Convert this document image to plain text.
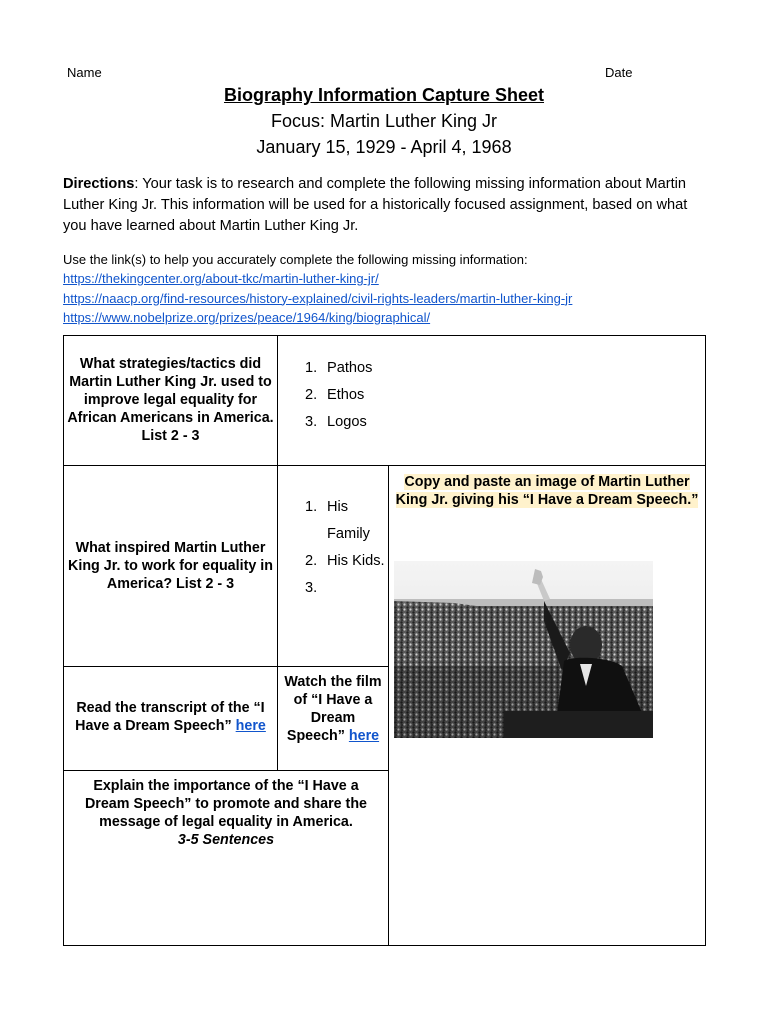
Name	Date
Biography Information Capture Sheet
Focus: Martin Luther King Jr
January 15, 1929 - April 4, 1968
Directions: Your task is to research and complete the following missing information about Martin Luther King Jr. This information will be used for a historically focused assignment, based on what you have learned about Martin Luther King Jr.
Use the link(s) to help you accurately complete the following missing information:
https://thekingcenter.org/about-tkc/martin-luther-king-jr/
https://naacp.org/find-resources/history-explained/civil-rights-leaders/martin-luther-king-jr
https://www.nobelprize.org/prizes/peace/1964/king/biographical/
What strategies/tactics did Martin Luther King Jr. used to improve legal equality for African Americans in America. List 2 - 3
1. Pathos
2. Ethos
3. Logos
What inspired Martin Luther King Jr. to work for equality in America? List 2 - 3
1. His Family
2. His Kids.
3.
Copy and paste an image of Martin Luther King Jr. giving his “I Have a Dream Speech.”
Read the transcript of the “I Have a Dream Speech” here
Watch the film of “I Have a Dream Speech” here
Explain the importance of the “I Have a Dream Speech” to promote and share the message of legal equality in America.
3-5 Sentences
